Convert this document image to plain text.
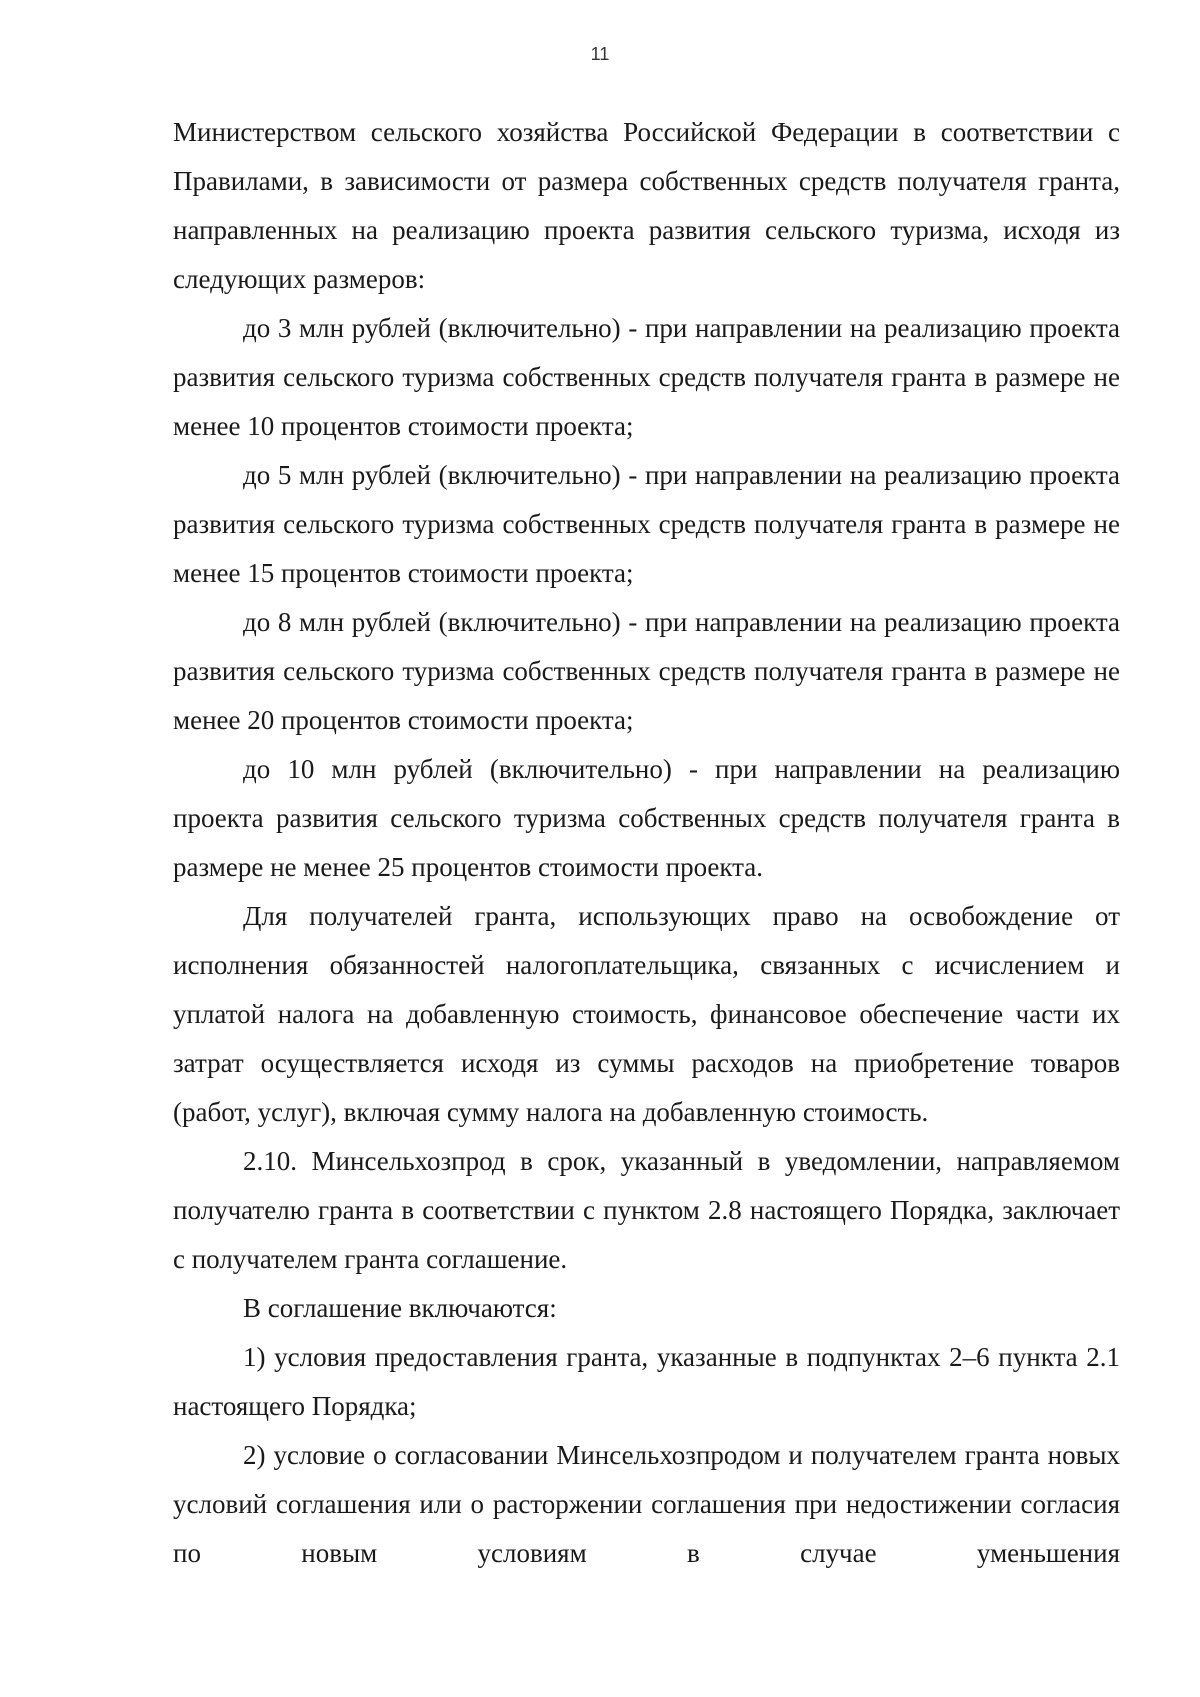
11

Министерством сельского хозяйства Российской Федерации в соответствии с Правилами, в зависимости от размера собственных средств получателя гранта, направленных на реализацию проекта развития сельского туризма, исходя из следующих размеров:

до 3 млн рублей (включительно) - при направлении на реализацию проекта развития сельского туризма собственных средств получателя гранта в размере не менее 10 процентов стоимости проекта;

до 5 млн рублей (включительно) - при направлении на реализацию проекта развития сельского туризма собственных средств получателя гранта в размере не менее 15 процентов стоимости проекта;

до 8 млн рублей (включительно) - при направлении на реализацию проекта развития сельского туризма собственных средств получателя гранта в размере не менее 20 процентов стоимости проекта;

до 10 млн рублей (включительно) - при направлении на реализацию проекта развития сельского туризма собственных средств получателя гранта в размере не менее 25 процентов стоимости проекта.

Для получателей гранта, использующих право на освобождение от исполнения обязанностей налогоплательщика, связанных с исчислением и уплатой налога на добавленную стоимость, финансовое обеспечение части их затрат осуществляется исходя из суммы расходов на приобретение товаров (работ, услуг), включая сумму налога на добавленную стоимость.

2.10. Минсельхозпрод в срок, указанный в уведомлении, направляемом получателю гранта в соответствии с пунктом 2.8 настоящего Порядка, заключает с получателем гранта соглашение.

В соглашение включаются:

1) условия предоставления гранта, указанные в подпунктах 2–6 пункта 2.1 настоящего Порядка;

2) условие о согласовании Минсельхозпродом и получателем гранта новых условий соглашения или о расторжении соглашения при недостижении согласия по новым условиям в случае уменьшения
